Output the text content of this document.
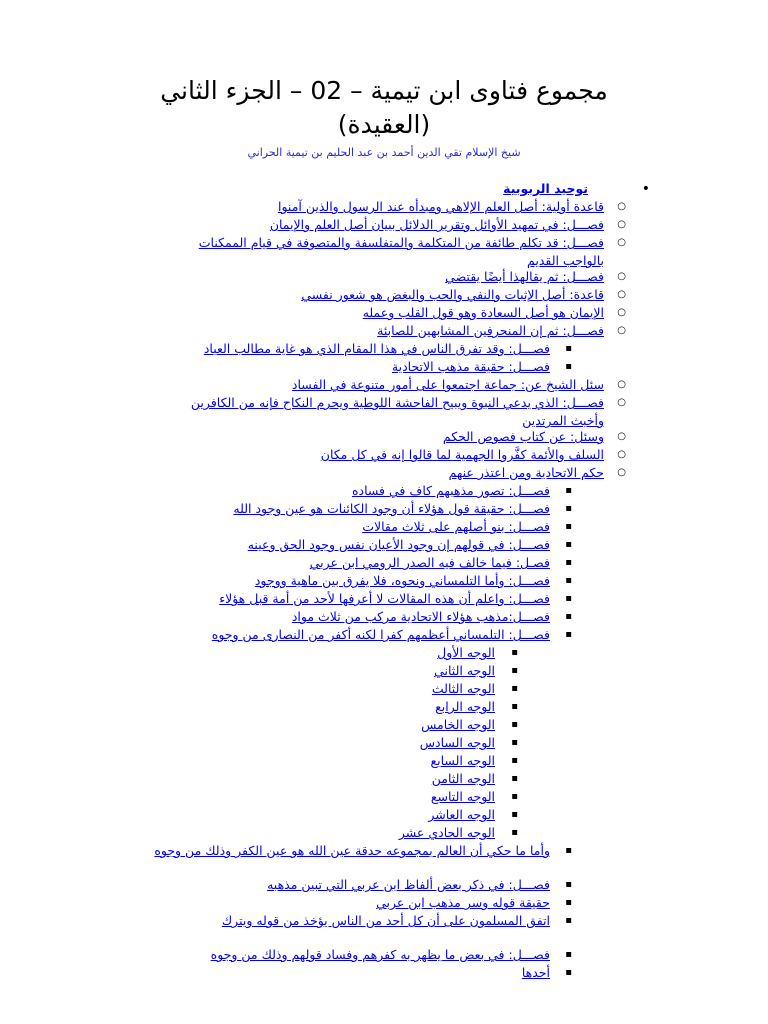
مجموع فتاوى ابن تيمية – 02 – الجزء الثاني
(العقيدة)
شيخ الإسلام تقي الدين أحمد بن عبد الحليم بن تيمية الحراني
•
توحيد الربوبية
○
قاعدة أولية: أصل العلم الإلاهي ومبدأه عند الرسول والذين آمنوا
○
فصـــل: في تمهيد الأوائل وتقرير الدلائل ببيان أصل العلم والإيمان
○
فصـــل: قد تكلم طائفة من المتكلمة والمتفلسفة والمتصوفة في قيام الممكنات بالواجب القديم
○
فصـــل: ثم يقالهذا أيضًا يقتضي
○
قاعدة: أصل الإثبات والنفي والحب والبغض هو شعور نفسي
○
الإيمان هو أصل السعادة وهو قول القلب وعمله
○
فصـــل: ثم إن المنحرفين المشابهين للصابئة
▪
فصـــل: وقد تفرق الناس في هذا المقام الذي هو غاية مطالب العباد
▪
فصـــل: حقيقة مذهب الاتحادية
○
سئل الشيخ عن: جماعة اجتمعوا على أمور متنوعة في الفساد
○
فصـــل: الذي يدعي النبوة ويبيح الفاحشة اللوطية ويحرم النكاح فإنه من الكافرين وأخبث المرتدين
○
وسئل: عن كتاب فصوص الحكم
○
السلف والأئمة كفَّروا الجهمية لما قالوا إنه في كل مكان
○
حكم الاتحادية ومن اعتذر عنهم
▪
فصـــل: تصور مذهبهم كاف في فساده
▪
فصـــل: حقيقة قول هؤلاء أن وجود الكائنات هو عين وجود الله
▪
فصـــل: بنو أصلهم على ثلاث مقالات
▪
فصـــل: في قولهم إن وجود الأعيان نفس وجود الحق وعينه
▪
فصـل: فيما خالف فيه الصدر الرومي ابن عربي
▪
فصـــل: وأما التلمساني ونحوه، فلا يفرق بين ماهية ووجود
▪
فصـــل: واعلم أن هذه المقالات لا أعرفها لأحد من أمة قبل هؤلاء
▪
فصـــل:مذهب هؤلاء الاتحادية مركب من ثلاث مواد
▪
فصـــل: التلمساني أعظمهم كفرا لكنه أكفر من النصارى من وجوه
▪
الوجه الأول
▪
الوجه الثاني
▪
الوجه الثالث
▪
الوجه الرابع
▪
الوجه الخامس
▪
الوجه السادس
▪
الوجه السابع
▪
الوجه الثامن
▪
الوجه التاسع
▪
الوجه العاشر
▪
الوجه الحادي عشر
▪
وأما ما حكي أن العالم بمجموعه حدقة عين الله هو عين الكفر وذلك من وجوه
▪
فصـــل: في ذكر بعض ألفاظ ابن عربي التي تبين مذهبه
▪
حقيقة قوله وسر مذهب ابن عربي
▪
اتفق المسلمون على أن كل أحد من الناس يؤخذ من قوله ويترك
▪
فصـــل: في بعض ما يظهر به كفرهم وفساد قولهم وذلك من وجوه
▪
أحدها
